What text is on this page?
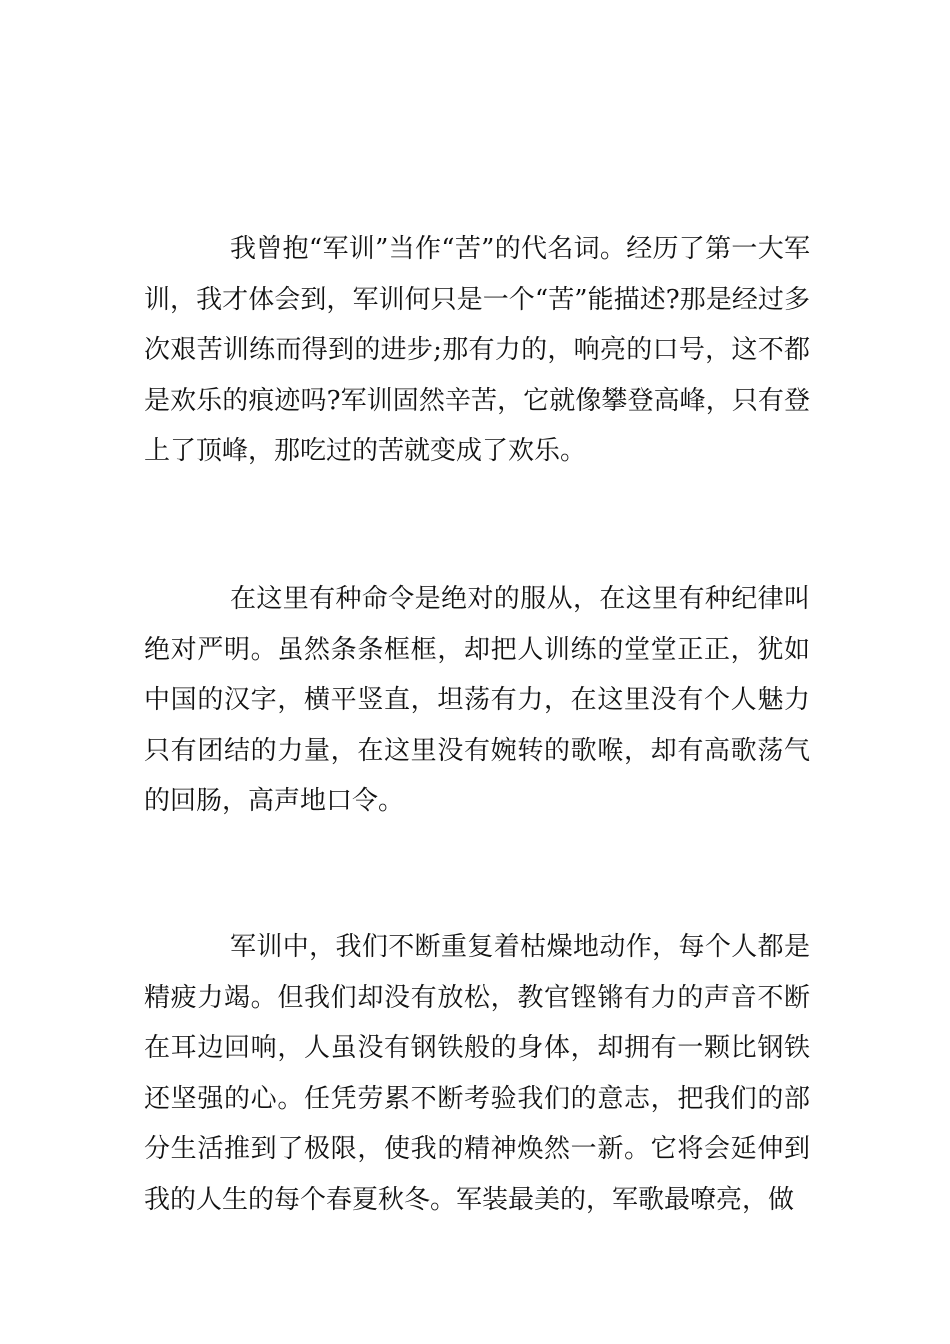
我曾抱“军训”当作“苦”的代名词。经历了第一大军训，我才体会到，军训何只是一个“苦”能描述?那是经过多次艰苦训练而得到的进步;那有力的，响亮的口号，这不都是欢乐的痕迹吗?军训固然辛苦，它就像攀登高峰，只有登上了顶峰，那吃过的苦就变成了欢乐。

在这里有种命令是绝对的服从，在这里有种纪律叫绝对严明。虽然条条框框，却把人训练的堂堂正正，犹如中国的汉字，横平竖直，坦荡有力，在这里没有个人魅力只有团结的力量，在这里没有婉转的歌喉，却有高歌荡气的回肠，高声地口令。

军训中，我们不断重复着枯燥地动作，每个人都是精疲力竭。但我们却没有放松，教官铿锵有力的声音不断在耳边回响，人虽没有钢铁般的身体，却拥有一颗比钢铁还坚强的心。任凭劳累不断考验我们的意志，把我们的部分生活推到了极限，使我的精神焕然一新。它将会延伸到我的人生的每个春夏秋冬。军装最美的，军歌最嘹亮，做
